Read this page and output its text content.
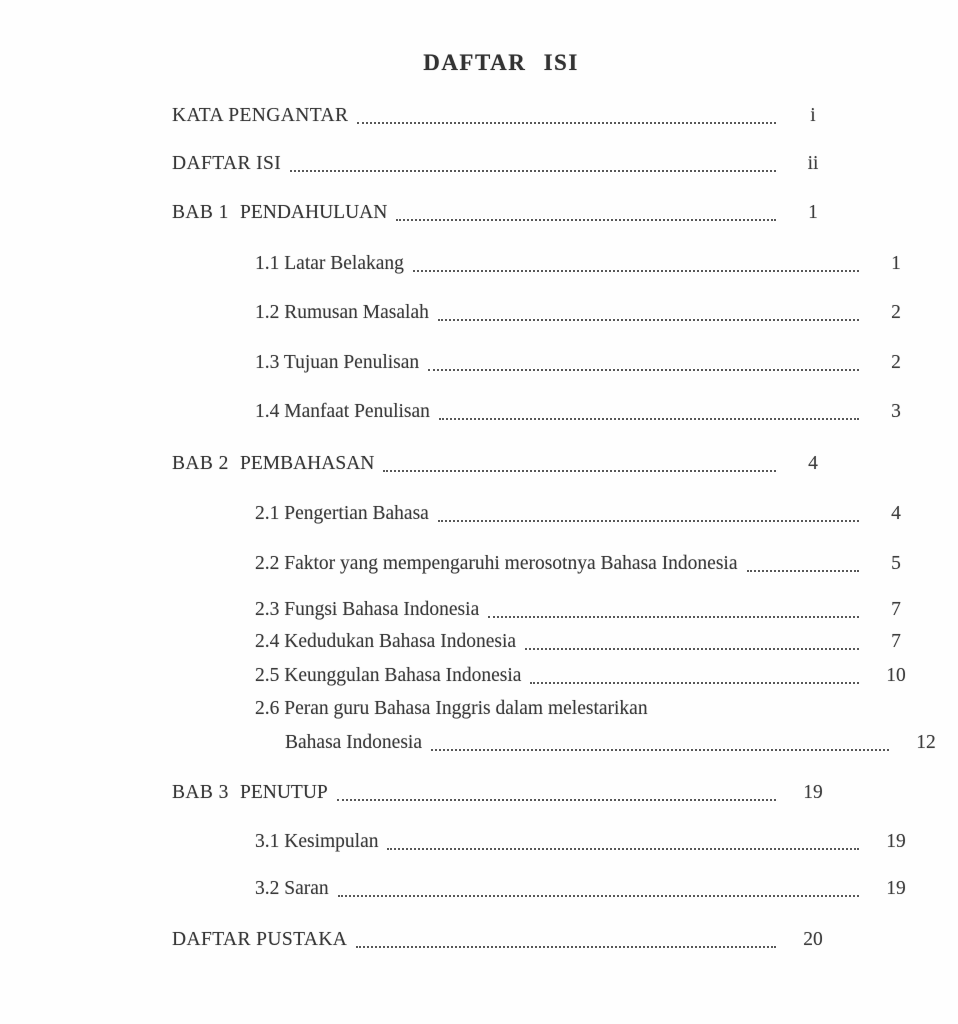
DAFTAR ISI
KATA PENGANTAR	i
DAFTAR ISI	ii
BAB 1 PENDAHULUAN	1
1.1 Latar Belakang	1
1.2 Rumusan Masalah	2
1.3 Tujuan Penulisan	2
1.4 Manfaat Penulisan	3
BAB 2 PEMBAHASAN	4
2.1 Pengertian Bahasa	4
2.2 Faktor yang mempengaruhi merosotnya Bahasa Indonesia	5
2.3 Fungsi Bahasa Indonesia	7
2.4 Kedudukan Bahasa Indonesia	7
2.5 Keunggulan Bahasa Indonesia	10
2.6 Peran guru Bahasa Inggris dalam melestarikan
Bahasa Indonesia	12
BAB 3 PENUTUP	19
3.1 Kesimpulan	19
3.2 Saran	19
DAFTAR PUSTAKA	20
